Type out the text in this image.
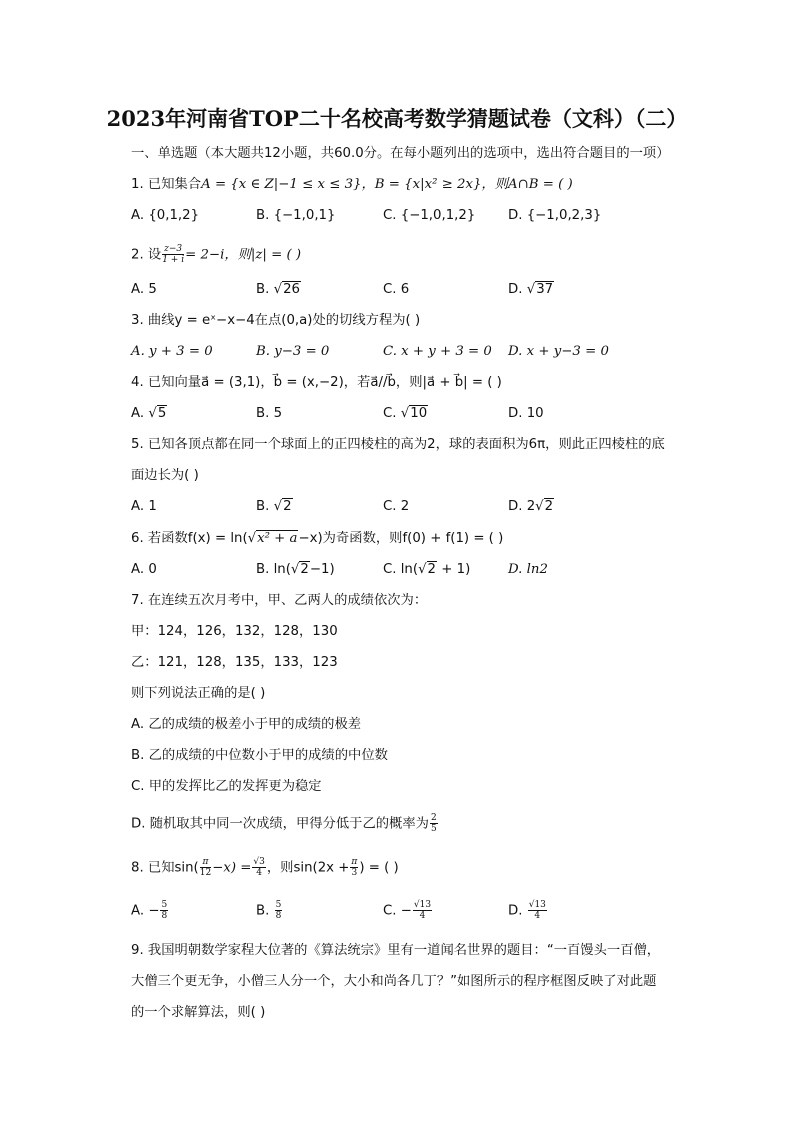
2023年河南省TOP二十名校高考数学猜题试卷（文科）（二）
一、单选题（本大题共12小题，共60.0分。在每小题列出的选项中，选出符合题目的一项）
1. 已知集合A = {x ∈ Z|−1 ≤ x ≤ 3}，B = {x|x² ≥ 2x}，则A∩B = ( )
A. {0,1,2}	B. {−1,0,1}	C. {−1,0,1,2} D. {−1,0,2,3}
2. 设 $\frac{z-3}{1 + i} = 2-i$，则|z| = ( )
A. 5	B. √26	C. 6	D. √37
3. 曲线y = eˣ−x−4在点(0,a)处的切线方程为( )
A. y + 3 = 0	B. y−3 = 0	C. x + y + 3 = 0 D. x + y−3 = 0
4. 已知向量a⃗ = (3,1)，b⃗ = (x,−2)，若a⃗//b⃗，则|a⃗ + b⃗| = ( )
A. √5	B. 5	C. √10	D. 10
5. 已知各顶点都在同一个球面上的正四棱柱的高为2，球的表面积为6π，则此正四棱柱的底
面边长为( )
A. 1	B. √2	C. 2	D. 2√2
6. 若函数f(x) = ln(√x² + a−x)为奇函数，则f(0) + f(1) = ( )
A. 0	B. ln(√2−1)	C. ln(√2 + 1)	D. ln2
7. 在连续五次月考中，甲、乙两人的成绩依次为：
甲：124，126，132，128，130
乙：121，128，135，133，123
则下列说法正确的是( )
A. 乙的成绩的极差小于甲的成绩的极差
B. 乙的成绩的中位数小于甲的成绩的中位数
C. 甲的发挥比乙的发挥更为稳定
D. 随机取其中同一次成绩，甲得分低于乙的概率为 $\frac{2}{5}$
8. 已知$\sin( \frac{\pi}{12} -x) = \frac{√3}{4}$ ，则$\sin(2x + \frac{\pi}{3}$ ) = ( )
A. − $\frac{5}{8}$	B. $\frac{5}{8}$	C. − $\frac{√13}{4}$	D. $\frac{√13}{4}$
9. 我国明朝数学家程大位著的《算法统宗》里有一道闻名世界的题目：“一百馒头一百僧，
大僧三个更无争，小僧三人分一个，大小和尚各几丁？”如图所示的程序框图反映了对此题
的一个求解算法，则( )
